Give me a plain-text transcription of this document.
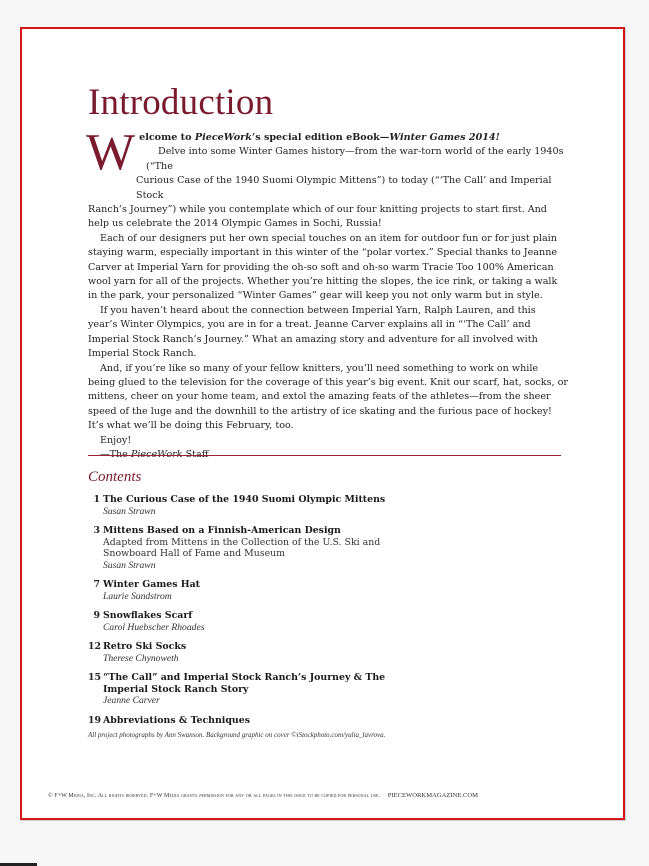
Introduction
W elcome to PieceWork’s special edition eBook—Winter Games 2014!

Delve into some Winter Games history—from the war-torn world of the early 1940s (“The

Curious Case of the 1940 Suomi Olympic Mittens”) to today (“‘The Call’ and Imperial Stock

Ranch’s Journey”) while you contemplate which of our four knitting projects to start first. And help us celebrate the 2014 Olympic Games in Sochi, Russia!

Each of our designers put her own special touches on an item for outdoor fun or for just plain staying warm, especially important in this winter of the “polar vortex.” Special thanks to Jeanne Carver at Imperial Yarn for providing the oh-so soft and oh-so warm Tracie Too 100% American wool yarn for all of the projects. Whether you’re hitting the slopes, the ice rink, or taking a walk in the park, your personalized “Winter Games” gear will keep you not only warm but in style.

If you haven’t heard about the connection between Imperial Yarn, Ralph Lauren, and this year’s Winter Olympics, you are in for a treat. Jeanne Carver explains all in “‘The Call’ and Imperial Stock Ranch’s Journey.” What an amazing story and adventure for all involved with Imperial Stock Ranch.

And, if you’re like so many of your fellow knitters, you’ll need something to work on while being glued to the television for the coverage of this year’s big event. Knit our scarf, hat, socks, or mittens, cheer on your home team, and extol the amazing feats of the athletes—from the sheer speed of the luge and the downhill to the artistry of ice skating and the furious pace of hockey! It’s what we’ll be doing this February, too.

Enjoy!

Contents
1 The Curious Case of the 1940 Suomi Olympic Mittens
Susan Strawn
3 Mittens Based on a Finnish-American Design
Adapted from Mittens in the Collection of the U.S. Ski and Snowboard Hall of Fame and Museum
Susan Strawn
7 Winter Games Hat
Laurie Sundstrom
9 Snowflakes Scarf
Carol Huebscher Rhoades
12 Retro Ski Socks
Therese Chynoweth
15 “The Call” and Imperial Stock Ranch’s Journey & The Imperial Stock Ranch Story
Jeanne Carver
19 Abbreviations & Techniques
All project photographs by Ann Swanson. Background graphic on cover ©iStockphoto.com/yulia_lavrova.
© F+W Media, Inc. All rights reserved. F+W Media grants permission for any or all pages in this issue to be copied for personal use. PIECEWORKMAGAZINE.COM
